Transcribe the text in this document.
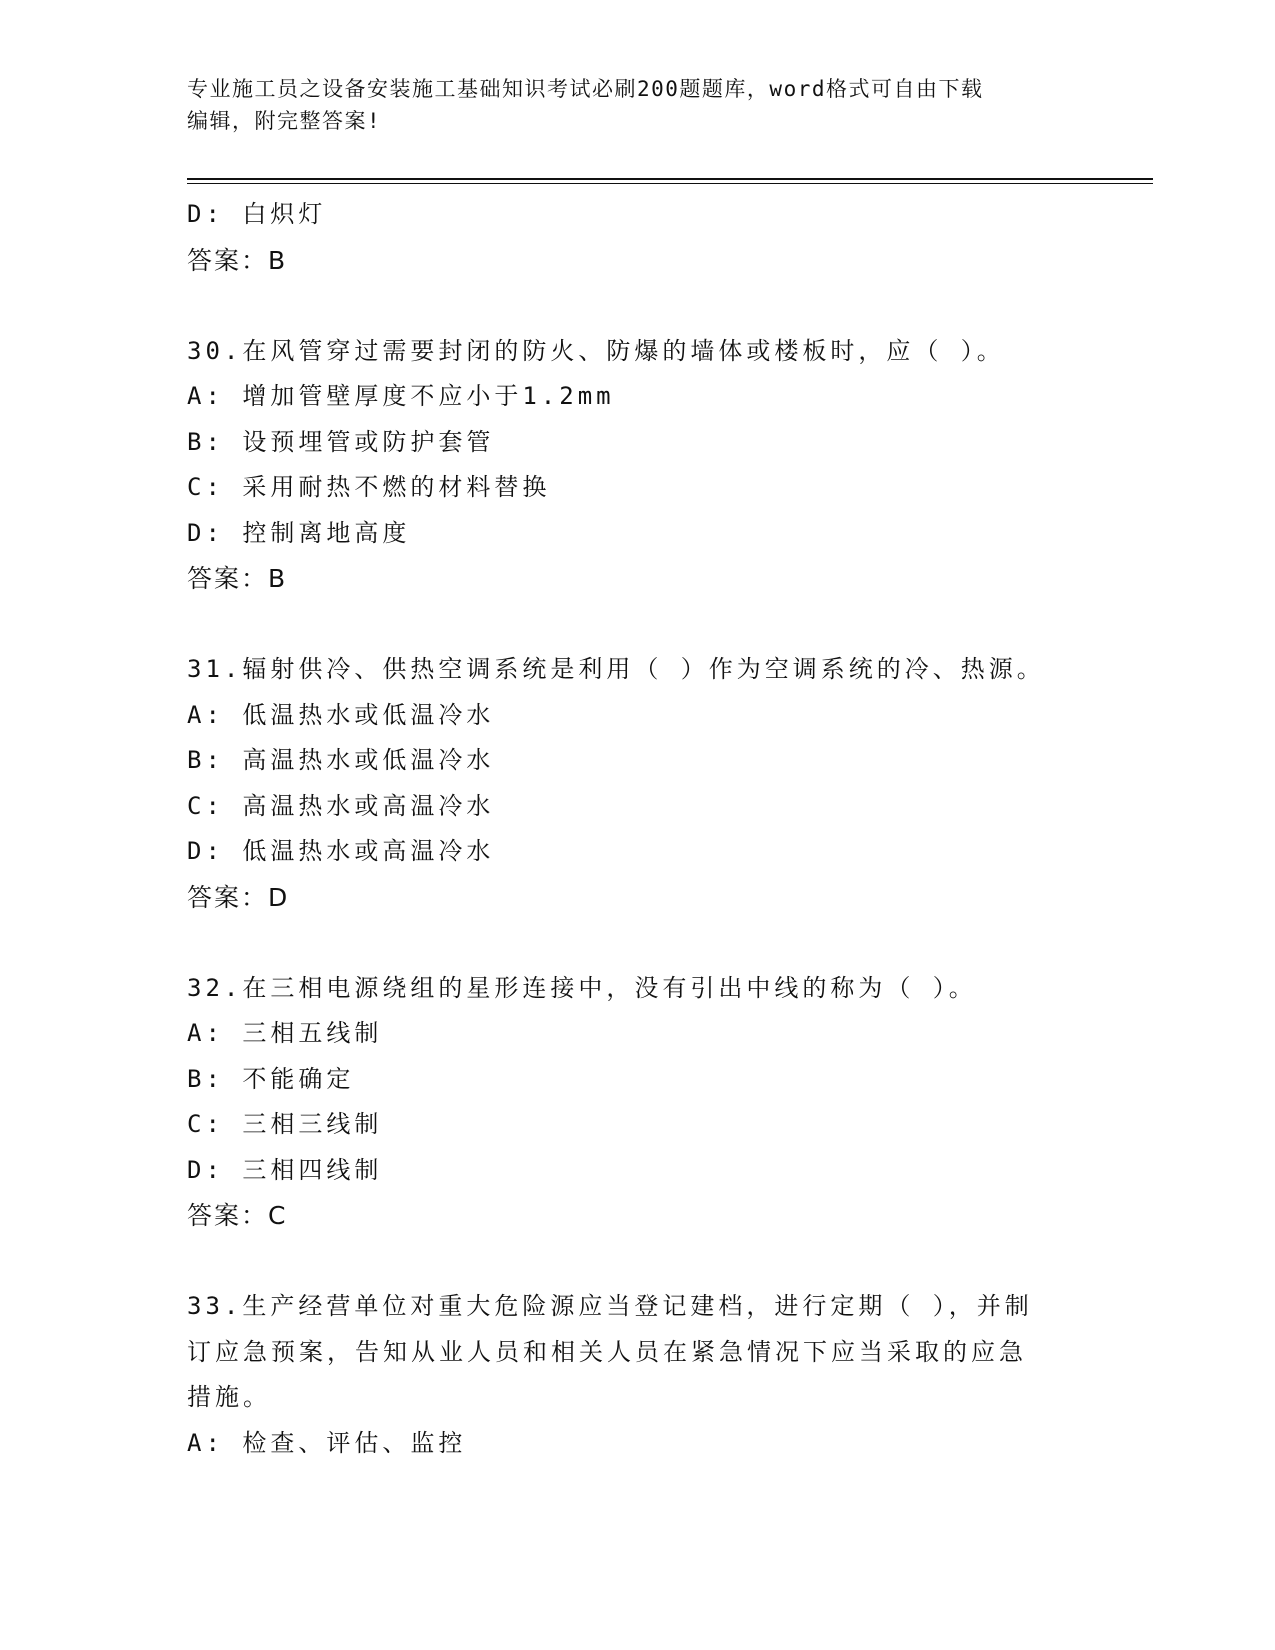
专业施工员之设备安装施工基础知识考试必刷200题题库，word格式可自由下载
编辑，附完整答案!
D: 白炽灯
答案：B
30.在风管穿过需要封闭的防火、防爆的墙体或楼板时，应（ ）。
A: 增加管壁厚度不应小于1.2mm
B: 设预埋管或防护套管
C: 采用耐热不燃的材料替换
D: 控制离地高度
答案：B
31.辐射供冷、供热空调系统是利用（ ）作为空调系统的冷、热源。
A: 低温热水或低温冷水
B: 高温热水或低温冷水
C: 高温热水或高温冷水
D: 低温热水或高温冷水
答案：D
32.在三相电源绕组的星形连接中，没有引出中线的称为（ ）。
A: 三相五线制
B: 不能确定
C: 三相三线制
D: 三相四线制
答案：C
33.生产经营单位对重大危险源应当登记建档，进行定期（ ），并制
订应急预案，告知从业人员和相关人员在紧急情况下应当采取的应急
措施。
A: 检查、评估、监控
